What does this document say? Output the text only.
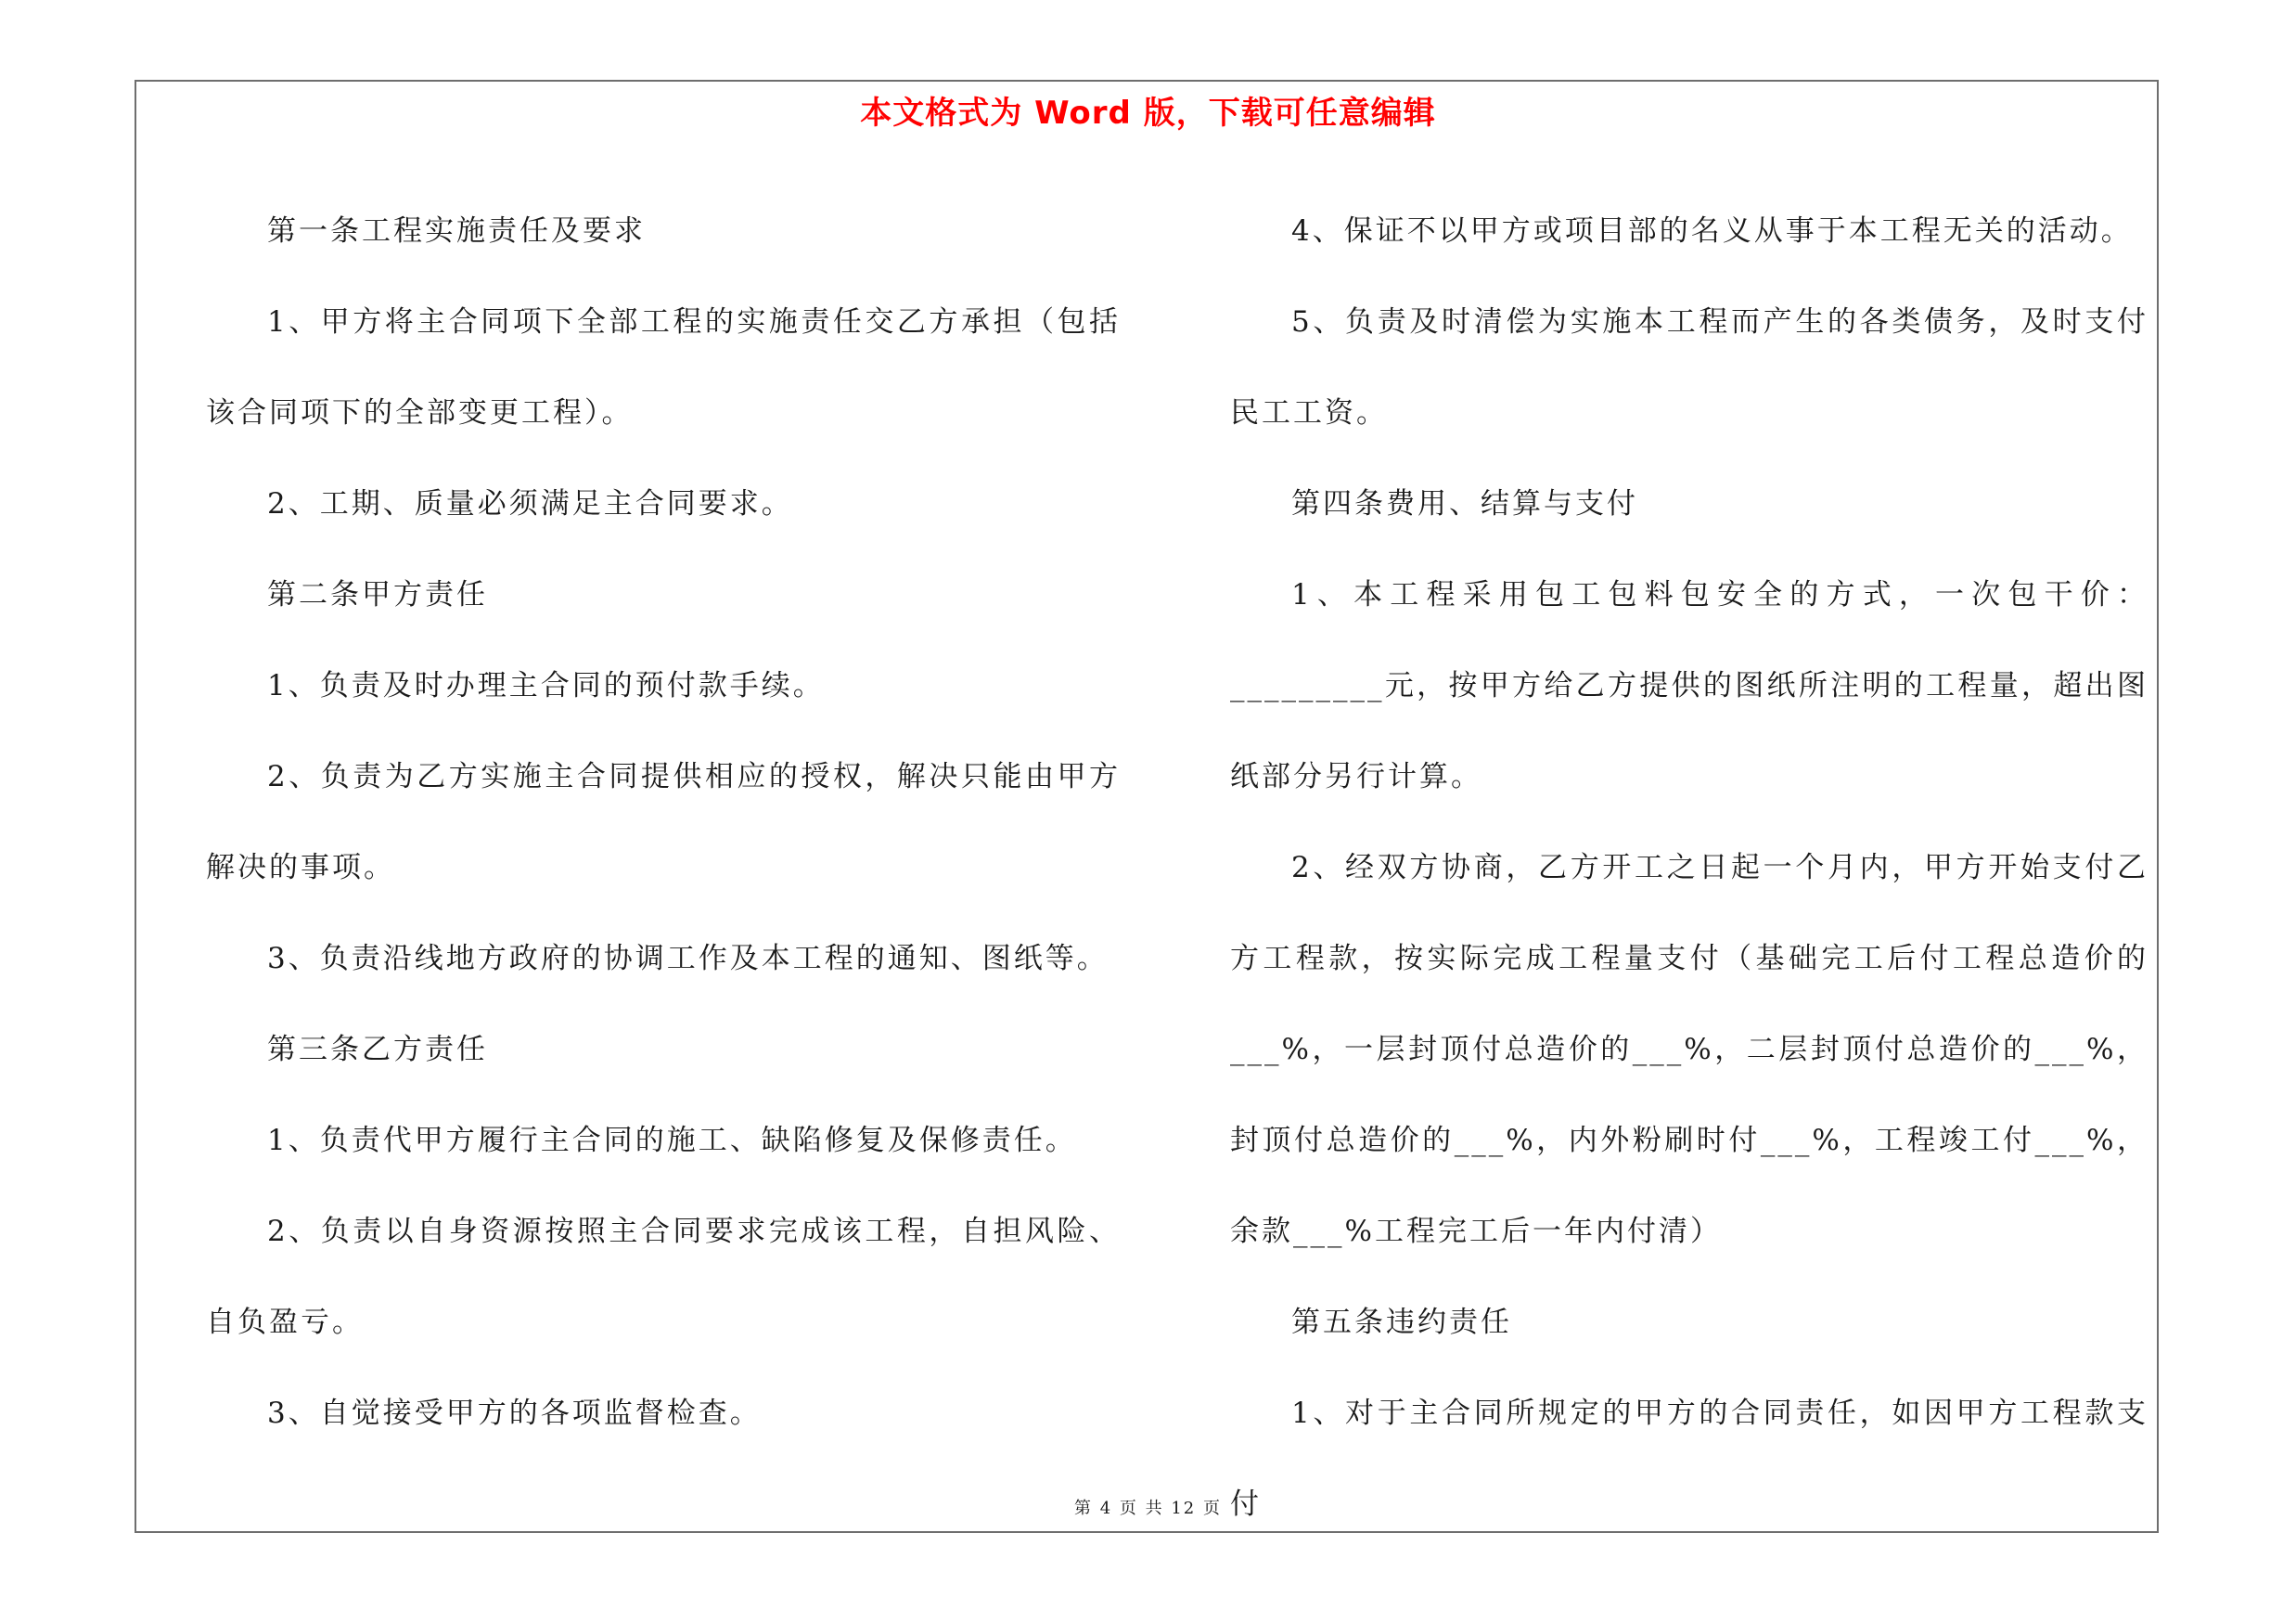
本文格式为 Word 版，下载可任意编辑

第一条工程实施责任及要求

1、甲方将主合同项下全部工程的实施责任交乙方承担（包括该合同项下的全部变更工程）。

2、工期、质量必须满足主合同要求。

第二条甲方责任

1、负责及时办理主合同的预付款手续。

2、负责为乙方实施主合同提供相应的授权，解决只能由甲方解决的事项。

3、负责沿线地方政府的协调工作及本工程的通知、图纸等。

第三条乙方责任

1、负责代甲方履行主合同的施工、缺陷修复及保修责任。

2、负责以自身资源按照主合同要求完成该工程，自担风险、自负盈亏。

3、自觉接受甲方的各项监督检查。

4、保证不以甲方或项目部的名义从事于本工程无关的活动。

5、负责及时清偿为实施本工程而产生的各类债务，及时支付民工工资。

第四条费用、结算与支付

1、本工程采用包工包料包安全的方式，一次包干价：_________元，按甲方给乙方提供的图纸所注明的工程量，超出图纸部分另行计算。

2、经双方协商，乙方开工之日起一个月内，甲方开始支付乙方工程款，按实际完成工程量支付（基础完工后付工程总造价的___%，一层封顶付总造价的___%，二层封顶付总造价的___%，封顶付总造价的___%，内外粉刷时付___%，工程竣工付___%，余款___%工程完工后一年内付清）

第五条违约责任

1、对于主合同所规定的甲方的合同责任，如因甲方工程款支付

第 4 页 共 12 页
